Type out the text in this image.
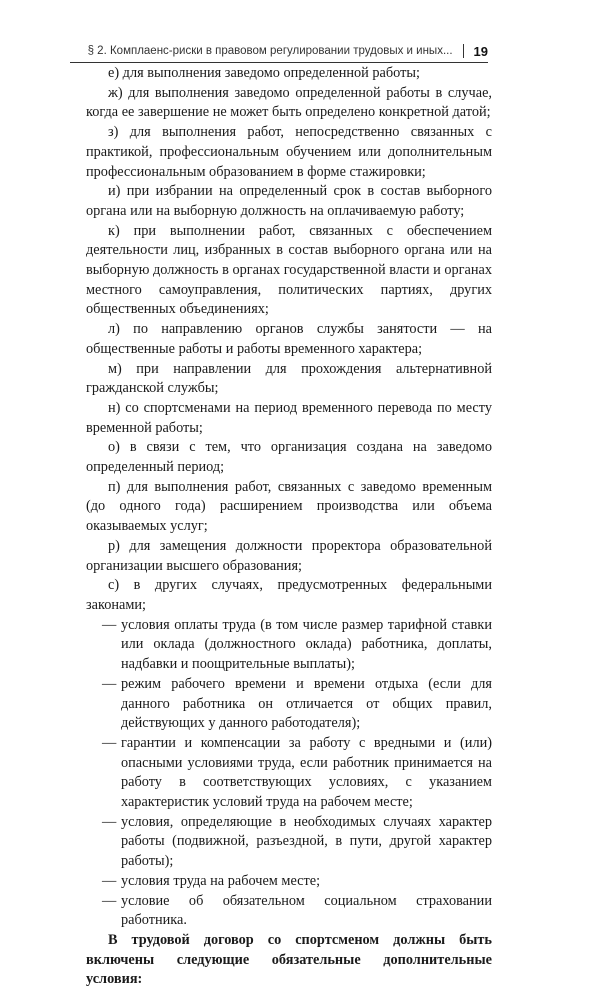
§ 2. Комплаенс-риски в правовом регулировании трудовых и иных...	19

е) для выполнения заведомо определенной работы;

ж) для выполнения заведомо определенной работы в случае, когда ее завершение не может быть определено конкретной датой;

з) для выполнения работ, непосредственно связанных с практикой, профессиональным обучением или дополнительным профессиональным образованием в форме стажировки;

и) при избрании на определенный срок в состав выборного органа или на выборную должность на оплачиваемую работу;

к) при выполнении работ, связанных с обеспечением деятельности лиц, избранных в состав выборного органа или на выборную должность в органах государственной власти и органах местного самоуправления, политических партиях, других общественных объединениях;

л) по направлению органов службы занятости — на общественные работы и работы временного характера;

м) при направлении для прохождения альтернативной гражданской службы;

н) со спортсменами на период временного перевода по месту временной работы;

о) в связи с тем, что организация создана на заведомо определенный период;

п) для выполнения работ, связанных с заведомо временным (до одного года) расширением производства или объема оказываемых услуг;

р) для замещения должности проректора образовательной организации высшего образования;

с) в других случаях, предусмотренных федеральными законами;

— условия оплаты труда (в том числе размер тарифной ставки или оклада (должностного оклада) работника, доплаты, надбавки и поощрительные выплаты);
— режим рабочего времени и времени отдыха (если для данного работника он отличается от общих правил, действующих у данного работодателя);
— гарантии и компенсации за работу с вредными и (или) опасными условиями труда, если работник принимается на работу в соответствующих условиях, с указанием характеристик условий труда на рабочем месте;
— условия, определяющие в необходимых случаях характер работы (подвижной, разъездной, в пути, другой характер работы);
— условия труда на рабочем месте;
— условие об обязательном социальном страховании работника.

В трудовой договор со спортсменом должны быть включены следующие обязательные дополнительные условия:
